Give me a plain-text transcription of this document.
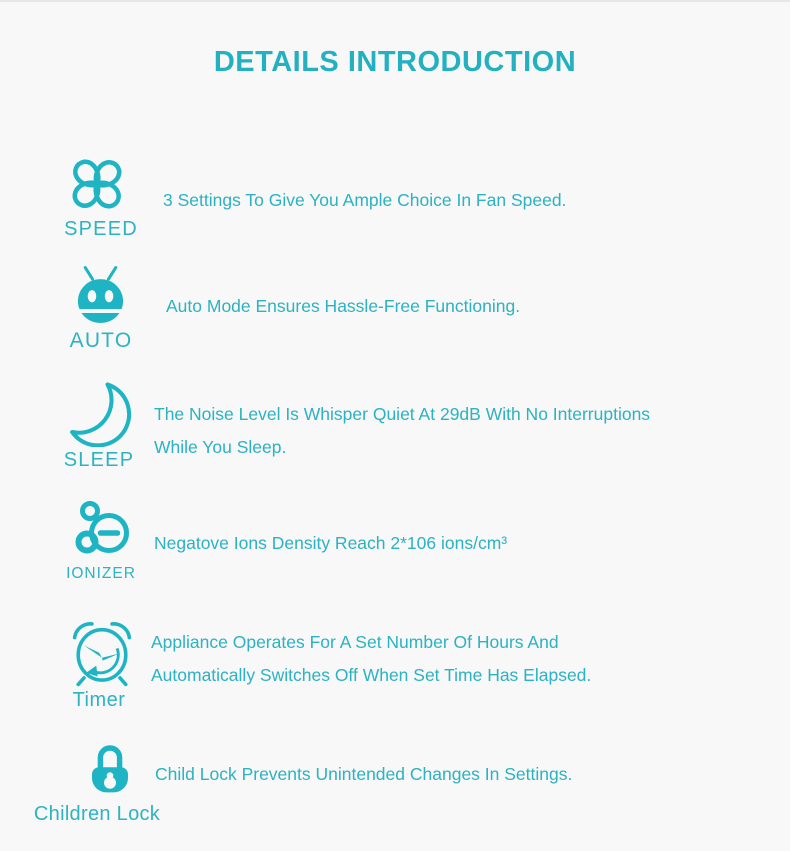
DETAILS INTRODUCTION
SPEED
3 Settings To Give You Ample Choice In Fan Speed.
AUTO
Auto Mode Ensures Hassle-Free Functioning.
SLEEP
The Noise Level Is Whisper Quiet At 29dB With No Interruptions
While You Sleep.
IONIZER
Negatove Ions Density Reach 2*106 ions/cm³
Timer
Appliance Operates For A Set Number Of Hours And
Automatically Switches Off When Set Time Has Elapsed.
Children Lock
Child Lock Prevents Unintended Changes In Settings.
